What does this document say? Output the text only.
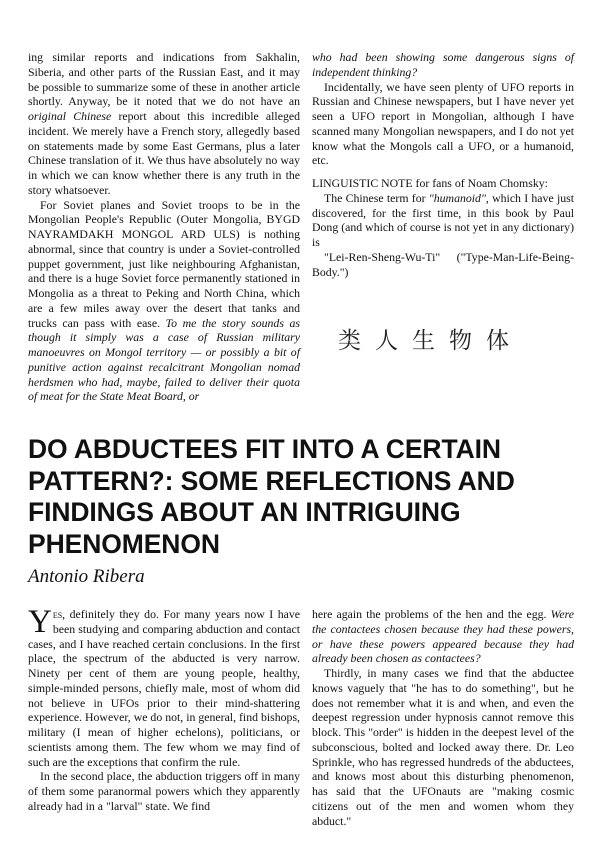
ing similar reports and indications from Sakhalin, Siberia, and other parts of the Russian East, and it may be possible to summarize some of these in another article shortly. Anyway, be it noted that we do not have an original Chinese report about this incredible alleged incident. We merely have a French story, allegedly based on statements made by some East Germans, plus a later Chinese translation of it. We thus have absolutely no way in which we can know whether there is any truth in the story whatsoever.

For Soviet planes and Soviet troops to be in the Mongolian People's Republic (Outer Mongolia, BYGD NAYRAMDAKH MONGOL ARD ULS) is nothing abnormal, since that country is under a Soviet-controlled puppet government, just like neighbouring Afghanistan, and there is a huge Soviet force permanently stationed in Mongolia as a threat to Peking and North China, which are a few miles away over the desert that tanks and trucks can pass with ease. To me the story sounds as though it simply was a case of Russian military manoeuvres on Mongol territory — or possibly a bit of punitive action against recalcitrant Mongolian nomad herdsmen who had, maybe, failed to deliver their quota of meat for the State Meat Board, or

who had been showing some dangerous signs of independent thinking?

Incidentally, we have seen plenty of UFO reports in Russian and Chinese newspapers, but I have never yet seen a UFO report in Mongolian, although I have scanned many Mongolian newspapers, and I do not yet know what the Mongols call a UFO, or a humanoid, etc.

LINGUISTIC NOTE for fans of Noam Chomsky:

The Chinese term for "humanoid", which I have just discovered, for the first time, in this book by Paul Dong (and which of course is not yet in any dictionary) is

"Lei-Ren-Sheng-Wu-Ti"     ("Type-Man-Life-Being-Body.")

类人生物体
DO ABDUCTEES FIT INTO A CERTAIN PATTERN?: SOME REFLECTIONS AND FINDINGS ABOUT AN INTRIGUING PHENOMENON

Antonio Ribera

Yes, definitely they do. For many years now I have been studying and comparing abduction and contact cases, and I have reached certain conclusions. In the first place, the spectrum of the abducted is very narrow. Ninety per cent of them are young people, healthy, simple-minded persons, chiefly male, most of whom did not believe in UFOs prior to their mind-shattering experience. However, we do not, in general, find bishops, military (I mean of higher echelons), politicians, or scientists among them. The few whom we may find of such are the exceptions that confirm the rule.

In the second place, the abduction triggers off in many of them some paranormal powers which they apparently already had in a "larval" state. We find

here again the problems of the hen and the egg. Were the contactees chosen because they had these powers, or have these powers appeared because they had already been chosen as contactees?

Thirdly, in many cases we find that the abductee knows vaguely that "he has to do something", but he does not remember what it is and when, and even the deepest regression under hypnosis cannot remove this block. This "order" is hidden in the deepest level of the subconscious, bolted and locked away there. Dr. Leo Sprinkle, who has regressed hundreds of the abductees, and knows most about this disturbing phenomenon, has said that the UFOnauts are "making cosmic citizens out of the men and women whom they abduct."
